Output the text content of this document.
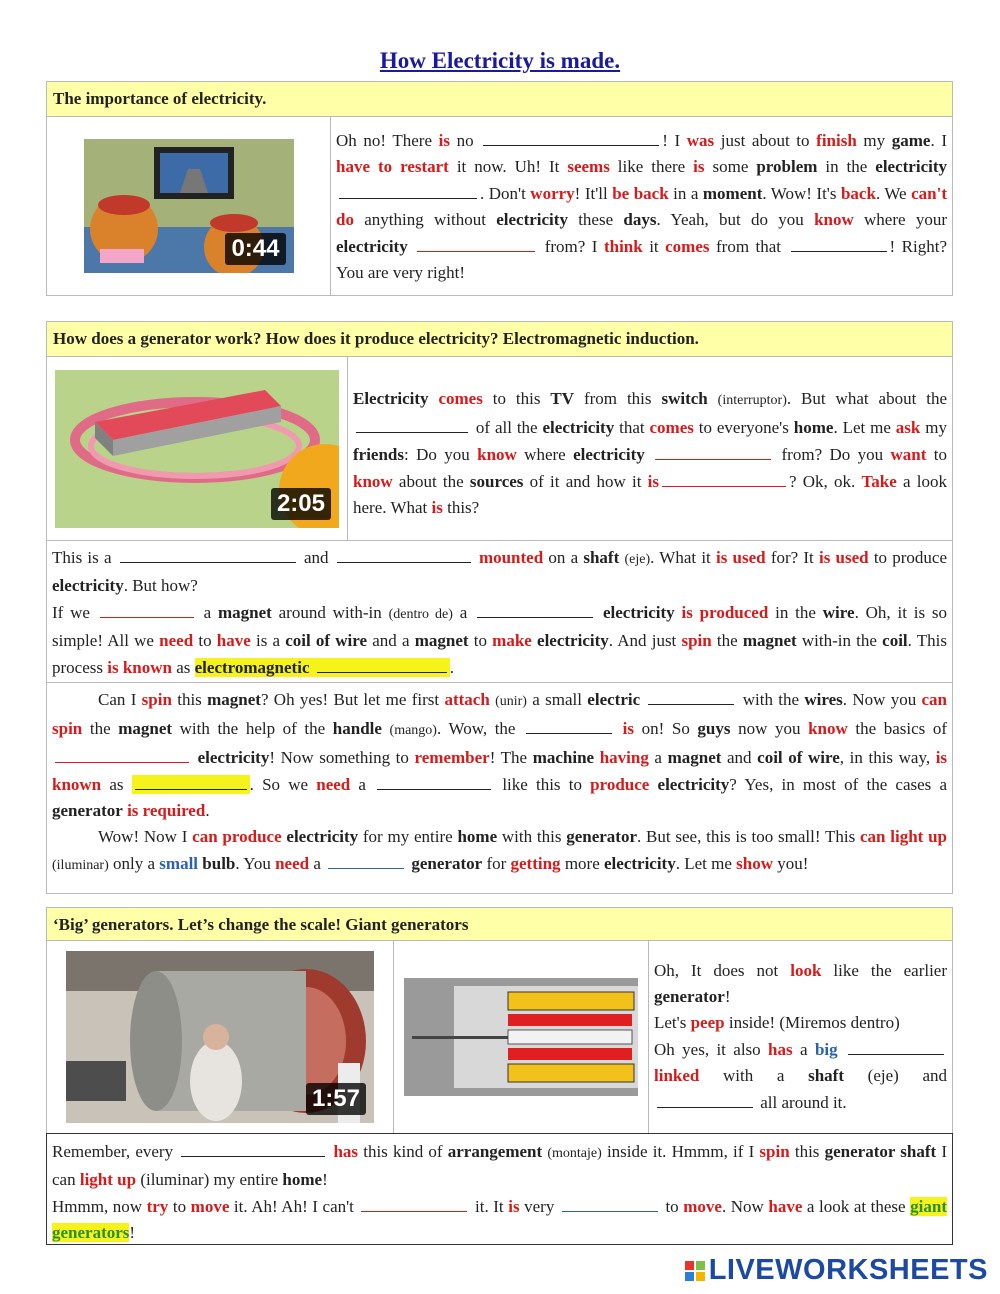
How Electricity is made.
The importance of electricity.
0:44
Oh no! There is no	! I was just about to finish my game. I have to restart it now. Uh! It seems like there is some problem in the electricity . Don't worry! It'll be back in a moment. Wow! It's back. We can't do anything without electricity these days. Yeah, but do you know where your electricity	from? I think it comes from that	! Right? You are very right!
How does a generator work? How does it produce electricity? Electromagnetic induction.
2:05
Electricity comes to this TV from this switch (interruptor). But what about the  of all the electricity that comes to everyone's home. Let me ask my friends: Do you know where electricity	from? Do you want to know about the sources of it and how it is	? Ok, ok. Take a look here. What is this?
This is a	and	mounted on a shaft (eje). What it is used for? It is used to produce electricity. But how?
If we	a magnet around with-in (dentro de) a	electricity is produced in the wire. Oh, it is so simple! All we need to have is a coil of wire and a magnet to make electricity. And just spin the magnet with-in the coil. This process is known as electromagnetic	.
Can I spin this magnet? Oh yes! But let me first attach (unir) a small electric	with the wires. Now you can spin the magnet with the help of the handle (mango). Wow, the	is on! So guys now you know the basics of  electricity! Now something to remember! The machine having a magnet and coil of wire, in this way, is known as	. So we need a	like this to produce electricity? Yes, in most of the cases a generator is required.
Wow! Now I can produce electricity for my entire home with this generator. But see, this is too small! This can light up (iluminar) only a small bulb. You need a	generator for getting more electricity. Let me show you!
‘Big’ generators. Let’s change the scale! Giant generators
1:57
Oh, It does not look like the earlier generator!
Let's peep inside! (Miremos dentro)
Oh yes, it also has a big  linked with a shaft (eje) and  all around it.
Remember, every	has this kind of arrangement (montaje) inside it. Hmmm, if I spin this generator shaft I can light up (iluminar) my entire home!
Hmmm, now try to move it. Ah! Ah! I can't	it. It is very	to move. Now have a look at these giant generators!
LIVEWORKSHEETS
